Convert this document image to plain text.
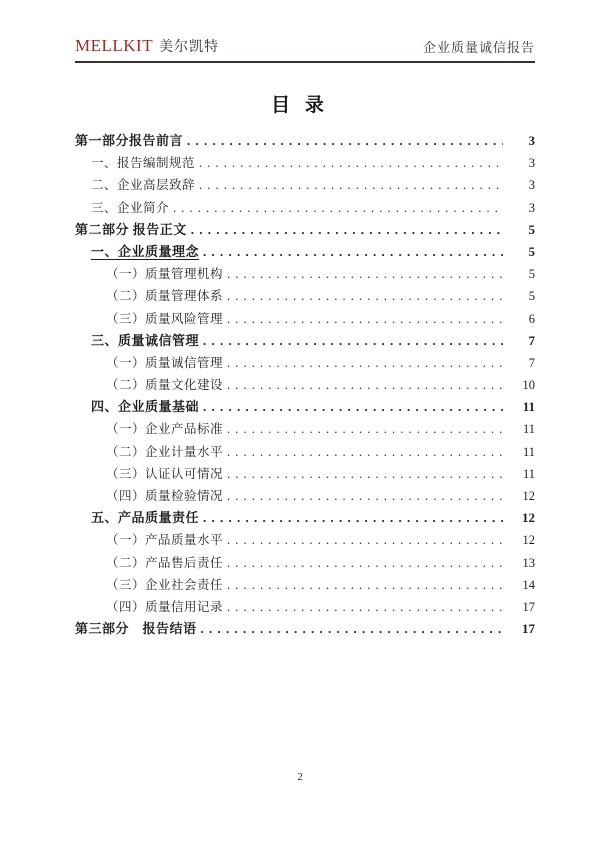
MELLKIT 美尔凯特	企业质量诚信报告
目 录
第一部分报告前言 . . .	3
一、报告编制规范 . . .	3
二、企业高层致辞 . . .	3
三、企业简介 . . .	3
第二部分 报告正文 . . .	5
一、企业质量理念 . . .	5
（一）质量管理机构 . . .	5
（二）质量管理体系 . . .	5
（三）质量风险管理 . . .	6
三、质量诚信管理 . . .	7
（一）质量诚信管理 . . .	7
（二）质量文化建设 . . .	10
四、企业质量基础 . . .	11
（一）企业产品标准 . . .	11
（二）企业计量水平 . . .	11
（三）认证认可情况 . . .	11
（四）质量检验情况 . . .	12
五、产品质量责任 . . .	12
（一）产品质量水平 . . .	12
（二）产品售后责任 . . .	13
（三）企业社会责任 . . .	14
（四）质量信用记录 . . .	17
第三部分　报告结语 . . .	17
2
